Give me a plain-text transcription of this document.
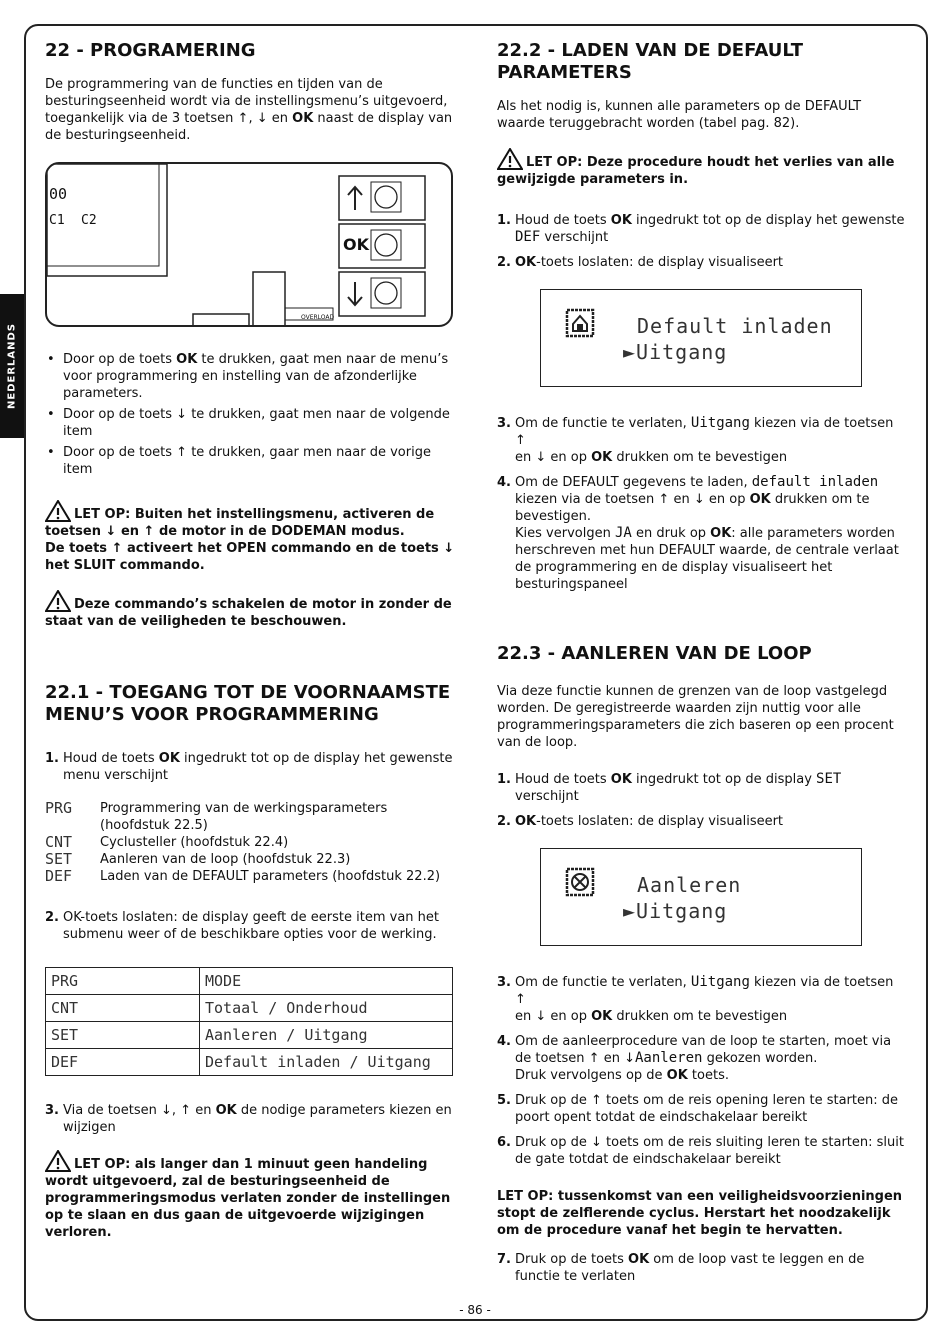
NEDERLANDS
22 - PROGRAMERING

De programmering van de functies en tijden van de besturingseenheid wordt via de instellingsmenu’s uitgevoerd, toegankelijk via de 3 toetsen ↑, ↓ en OK naast de display van de besturingseenheid.

00
C1 C2
OK
OVERLOAD
• Door op de toets OK te drukken, gaat men naar de menu’s voor programmering en instelling van de afzonderlijke parameters.
• Door op de toets ↓ te drukken, gaat men naar de volgende item
• Door op de toets ↑ te drukken, gaar men naar de vorige item

LET OP: Buiten het instellingsmenu, activeren de toetsen ↓ en ↑ de motor in de DODEMAN modus.
De toets ↑ activeert het OPEN commando en de toets ↓ het SLUIT commando.

Deze commando’s schakelen de motor in zonder de staat van de veiligheden te beschouwen.

22.1 - TOEGANG TOT DE VOORNAAMSTE MENU’S VOOR PROGRAMMERING
1. Houd de toets OK ingedrukt tot op de display het gewenste menu verschijnt
PRG	Programmering van de werkingsparameters (hoofdstuk 22.5)
CNT	Cyclusteller (hoofdstuk 22.4)
SET	Aanleren van de loop (hoofdstuk 22.3)
DEF	Laden van de DEFAULT parameters (hoofdstuk 22.2)
2. OK-toets loslaten: de display geeft de eerste item van het submenu weer of de beschikbare opties voor de werking.
PRG	MODE
CNT	Totaal / Onderhoud
SET	Aanleren / Uitgang
DEF	Default inladen / Uitgang
3. Via de toetsen ↓, ↑ en OK de nodige parameters kiezen en wijzigen

LET OP: als langer dan 1 minuut geen handeling wordt uitgevoerd, zal de besturingseenheid de programmeringsmodus verlaten zonder de instellingen op te slaan en dus gaan de uitgevoerde wijzigingen verloren.

22.2 - LADEN VAN DE DEFAULT PARAMETERS

Als het nodig is, kunnen alle parameters op de DEFAULT waarde teruggebracht worden (tabel pag. 82).

LET OP: Deze procedure houdt het verlies van alle gewijzigde parameters in.

1. Houd de toets OK ingedrukt tot op de display het gewenste DEF verschijnt
2. OK-toets loslaten: de display visualiseert
Default inladen
►Uitgang
3. Om de functie te verlaten, Uitgang kiezen via de toetsen ↑
en ↓ en op OK drukken om te bevestigen
4. Om de DEFAULT gegevens te laden, default inladen kiezen via de toetsen ↑ en ↓ en op OK drukken om te bevestigen.
Kies vervolgen JA en druk op OK: alle parameters worden herschreven met hun DEFAULT waarde, de centrale verlaat de programmering en de display visualiseert het besturingspaneel
22.3 - AANLEREN VAN DE LOOP

Via deze functie kunnen de grenzen van de loop vastgelegd worden. De geregistreerde waarden zijn nuttig voor alle programmeringsparameters die zich baseren op een procent van de loop.

1. Houd de toets OK ingedrukt tot op de display SET verschijnt
2. OK-toets loslaten: de display visualiseert
Aanleren
►Uitgang
3. Om de functie te verlaten, Uitgang kiezen via de toetsen ↑
en ↓ en op OK drukken om te bevestigen
4. Om de aanleerprocedure van de loop te starten, moet via de toetsen ↑ en ↓Aanleren gekozen worden.
Druk vervolgens op de OK toets.
5. Druk op de ↑ toets om de reis opening leren te starten: de poort opent totdat de eindschakelaar bereikt
6. Druk op de ↓ toets om de reis sluiting leren te starten: sluit de gate totdat de eindschakelaar bereikt

LET OP: tussenkomst van een veiligheidsvoorzieningen stopt de zelflerende cyclus. Herstart het noodzakelijk om de procedure vanaf het begin te hervatten.

7. Druk op de toets OK om de loop vast te leggen en de functie te verlaten
- 86 -
